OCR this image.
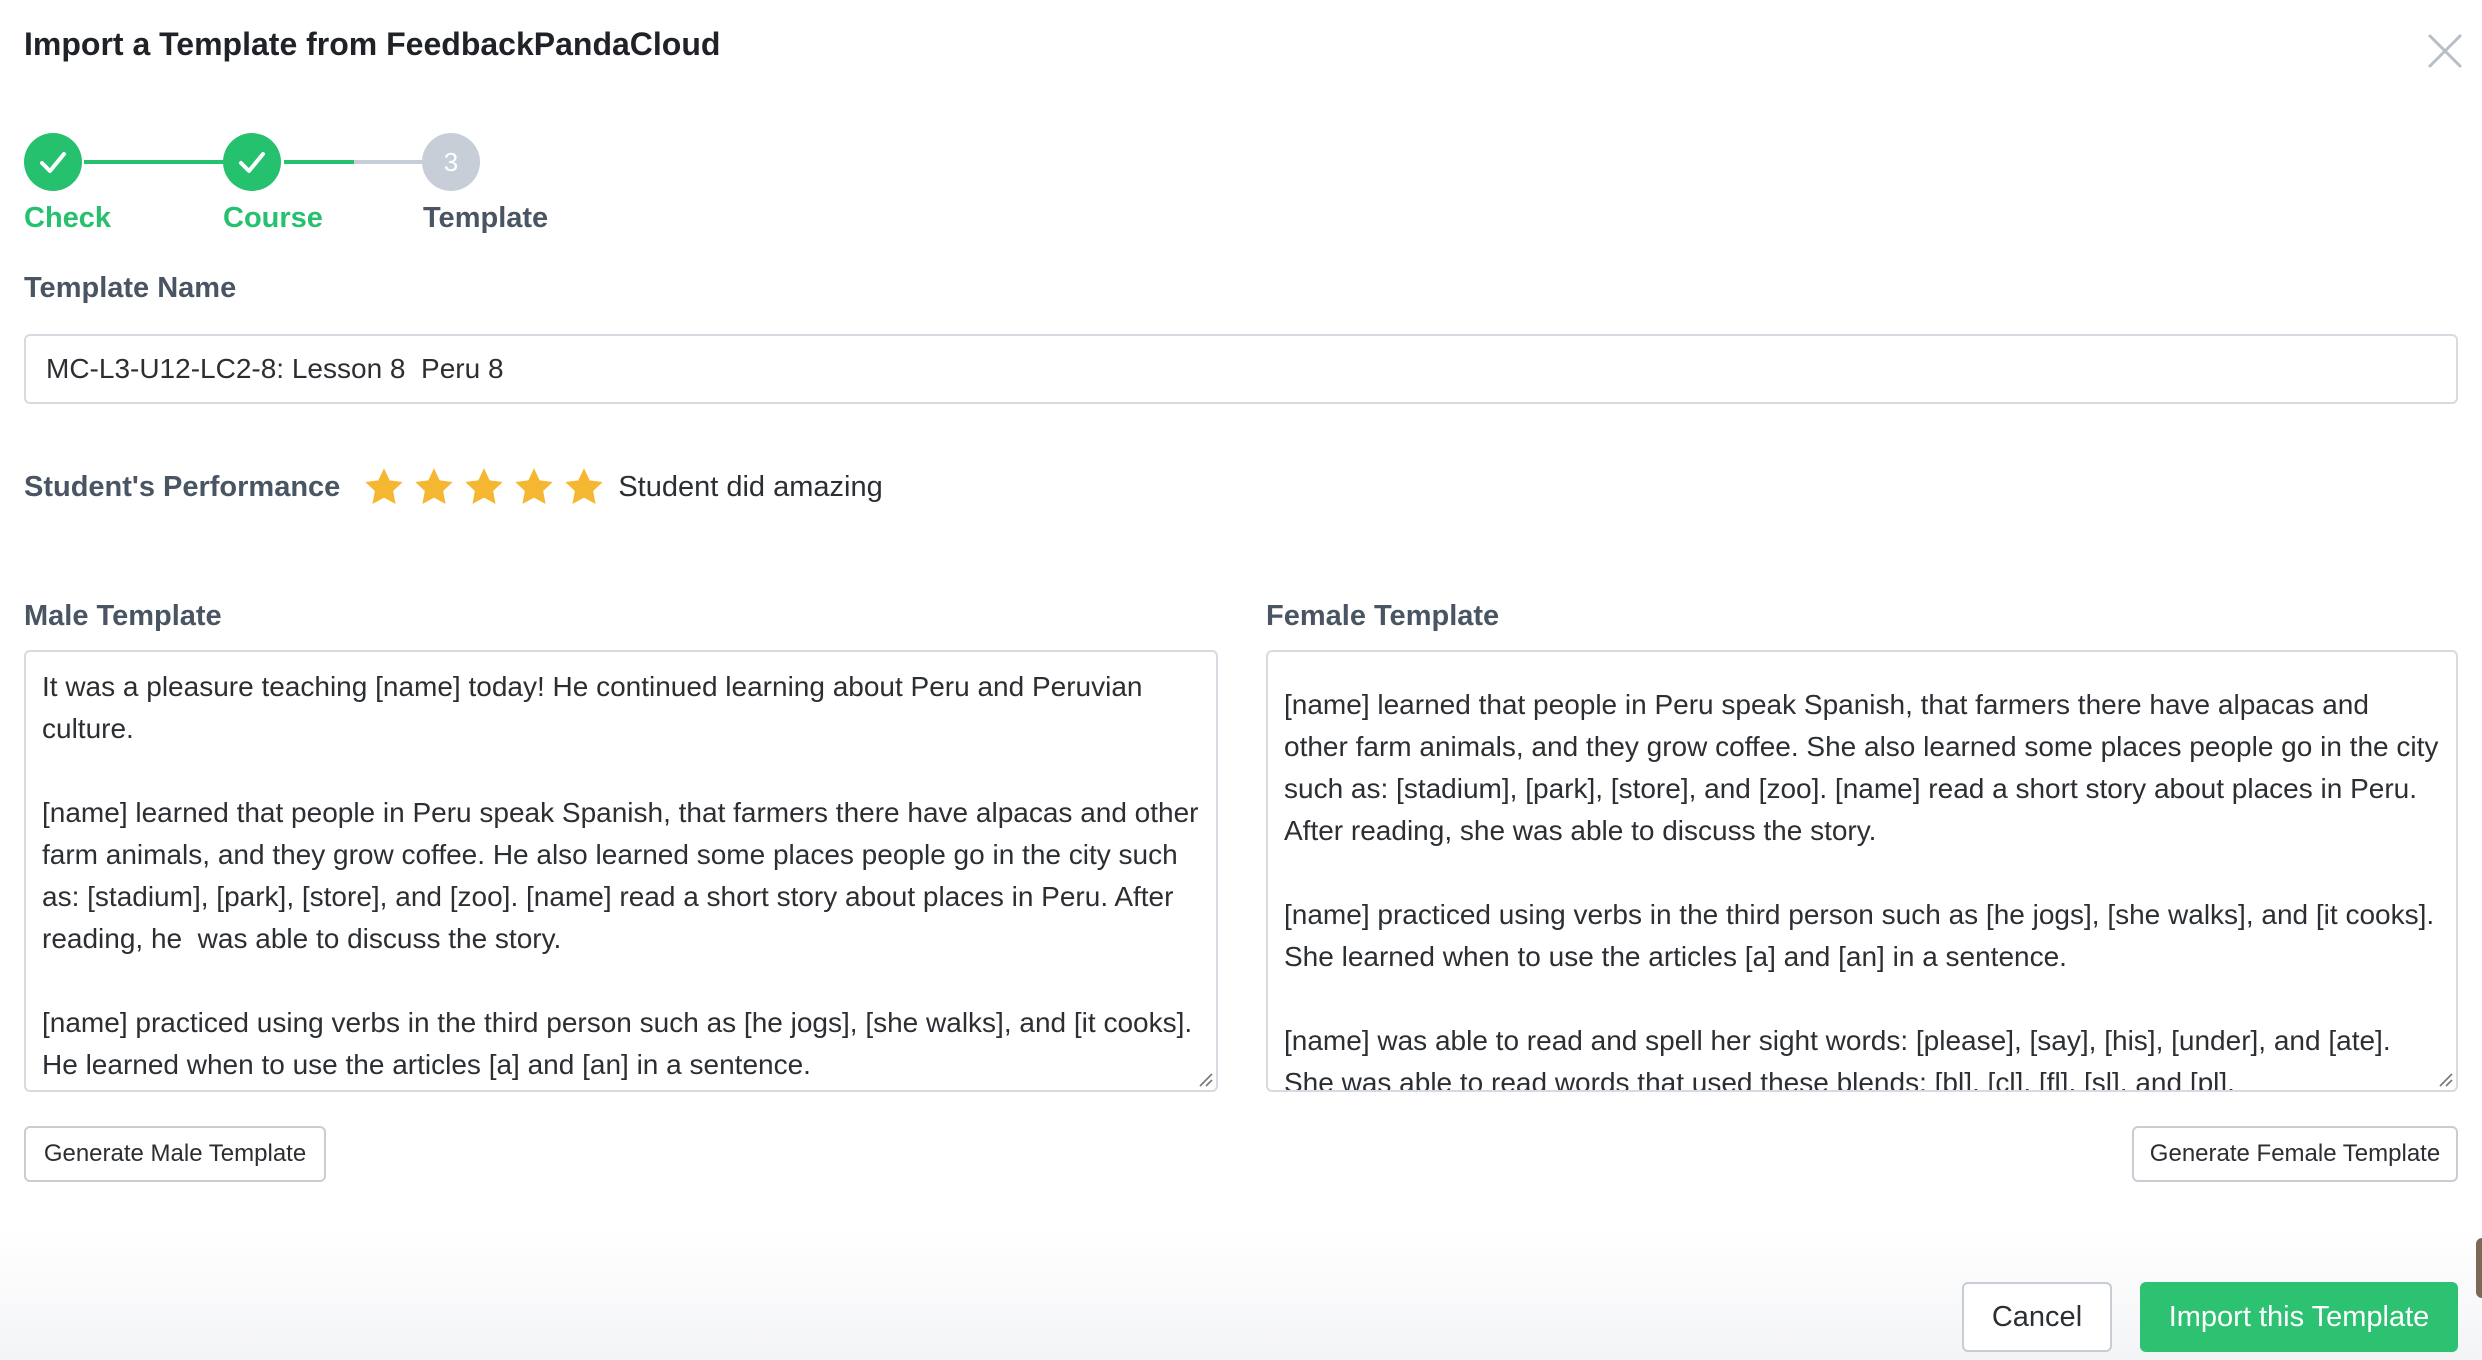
Import a Template from FeedbackPandaCloud
3
Check	Course	Template
Template Name
MC-L3-U12-LC2-8: Lesson 8 Peru 8
Student's Performance	Student did amazing
Male Template
It was a pleasure teaching [name] today! He continued learning about Peru and Peruvian culture. [name] learned that people in Peru speak Spanish, that farmers there have alpacas and other farm animals, and they grow coffee. He also learned some places people go in the city such as: [stadium], [park], [store], and [zoo]. [name] read a short story about places in Peru. After reading, he was able to discuss the story. [name] practiced using verbs in the third person such as [he jogs], [she walks], and [it cooks]. He learned when to use the articles [a] and [an] in a sentence.
Generate Male Template
Female Template
[name] learned that people in Peru speak Spanish, that farmers there have alpacas and other farm animals, and they grow coffee. She also learned some places people go in the city such as: [stadium], [park], [store], and [zoo]. [name] read a short story about places in Peru. After reading, she was able to discuss the story. [name] practiced using verbs in the third person such as [he jogs], [she walks], and [it cooks]. She learned when to use the articles [a] and [an] in a sentence. [name] was able to read and spell her sight words: [please], [say], [his], [under], and [ate]. She was able to read words that used these blends: [bl], [cl], [fl], [sl], and [pl].
Generate Female Template
Cancel	Import this Template
